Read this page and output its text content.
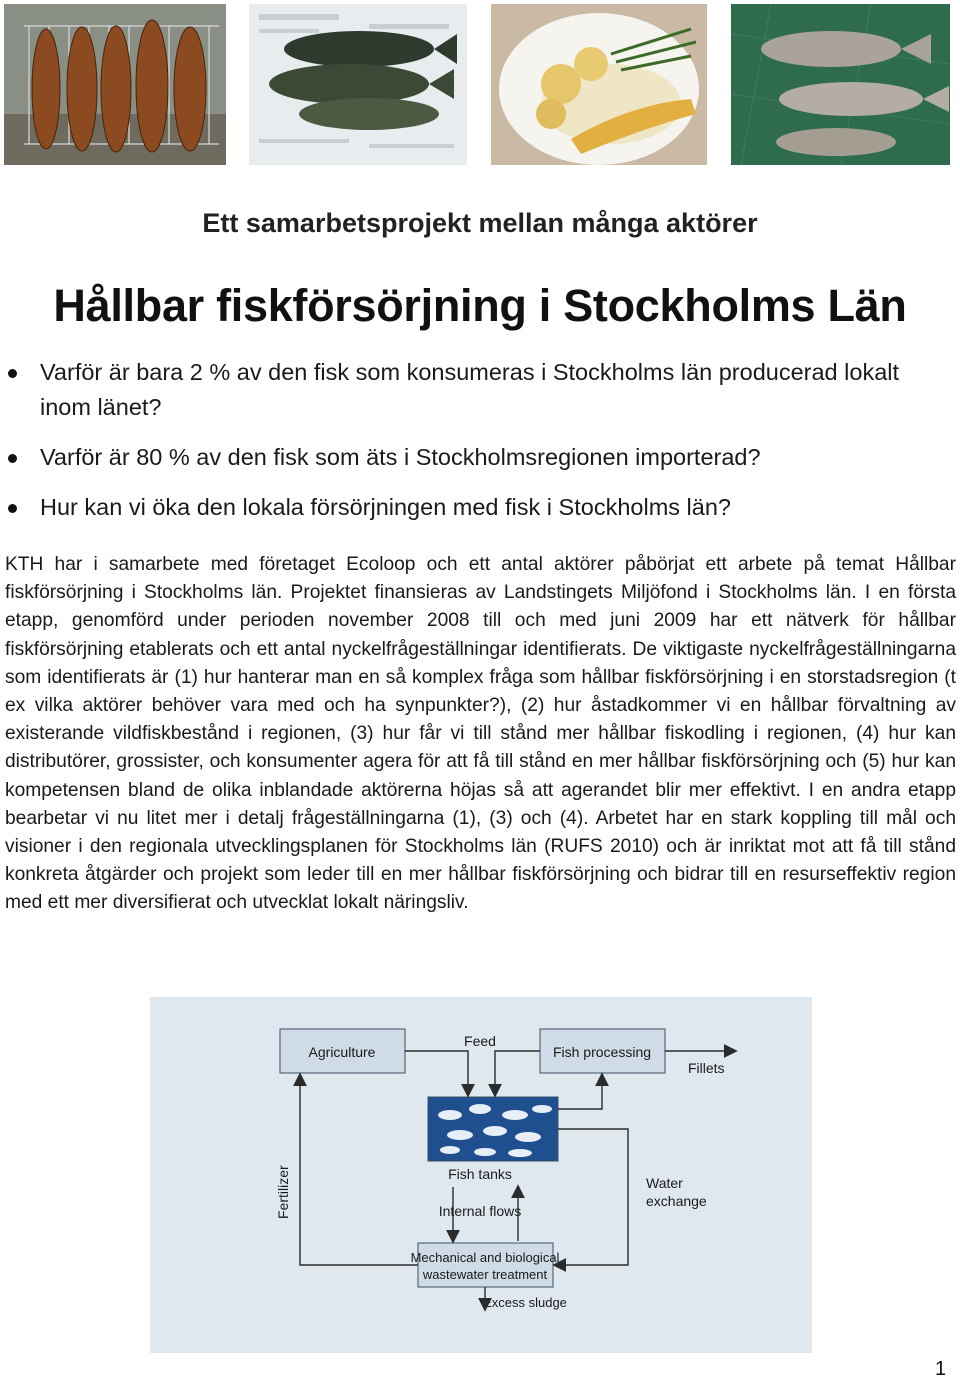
Ett samarbetsprojekt mellan många aktörer
Hållbar fiskförsörjning i Stockholms Län
Varför är bara 2 % av den fisk som konsumeras i Stockholms län producerad lokalt inom länet?
Varför är 80 % av den fisk som äts i Stockholmsregionen importerad?
Hur kan vi öka den lokala försörjningen med fisk i Stockholms län?

KTH har i samarbete med företaget Ecoloop och ett antal aktörer påbörjat ett arbete på temat Hållbar fiskförsörjning i Stockholms län. Projektet finansieras av Landstingets Miljöfond i Stockholms län. I en första etapp, genomförd under perioden november 2008 till och med juni 2009 har ett nätverk för hållbar fiskförsörjning etablerats och ett antal nyckelfrågeställningar identifierats. De viktigaste nyckelfrågeställningarna som identifierats är (1) hur hanterar man en så komplex fråga som hållbar fiskförsörjning i en storstadsregion (t ex vilka aktörer behöver vara med och ha synpunkter?), (2) hur åstadkommer vi en hållbar förvaltning av existerande vildfiskbestånd i regionen, (3) hur får vi till stånd mer hållbar fiskodling i regionen, (4) hur kan distributörer, grossister, och konsumenter agera för att få till stånd en mer hållbar fiskförsörjning och (5) hur kan kompetensen bland de olika inblandade aktörerna höjas så att agerandet blir mer effektivt. I en andra etapp bearbetar vi nu litet mer i detalj frågeställningarna (1), (3) och (4). Arbetet har en stark koppling till mål och visioner i den regionala utvecklingsplanen för Stockholms län (RUFS 2010) och är inriktat mot att få till stånd konkreta åtgärder och projekt som leder till en mer hållbar fiskförsörjning och bidrar till en resurseffektiv region med ett mer diversifierat och utvecklat lokalt näringsliv.

Agriculture	Fish processing
Fish tanks
Mechanical and biological
wastewater treatment
Feed
Fillets
Fertilizer	Water
exchange
Internal flows
Excess sludge
1
